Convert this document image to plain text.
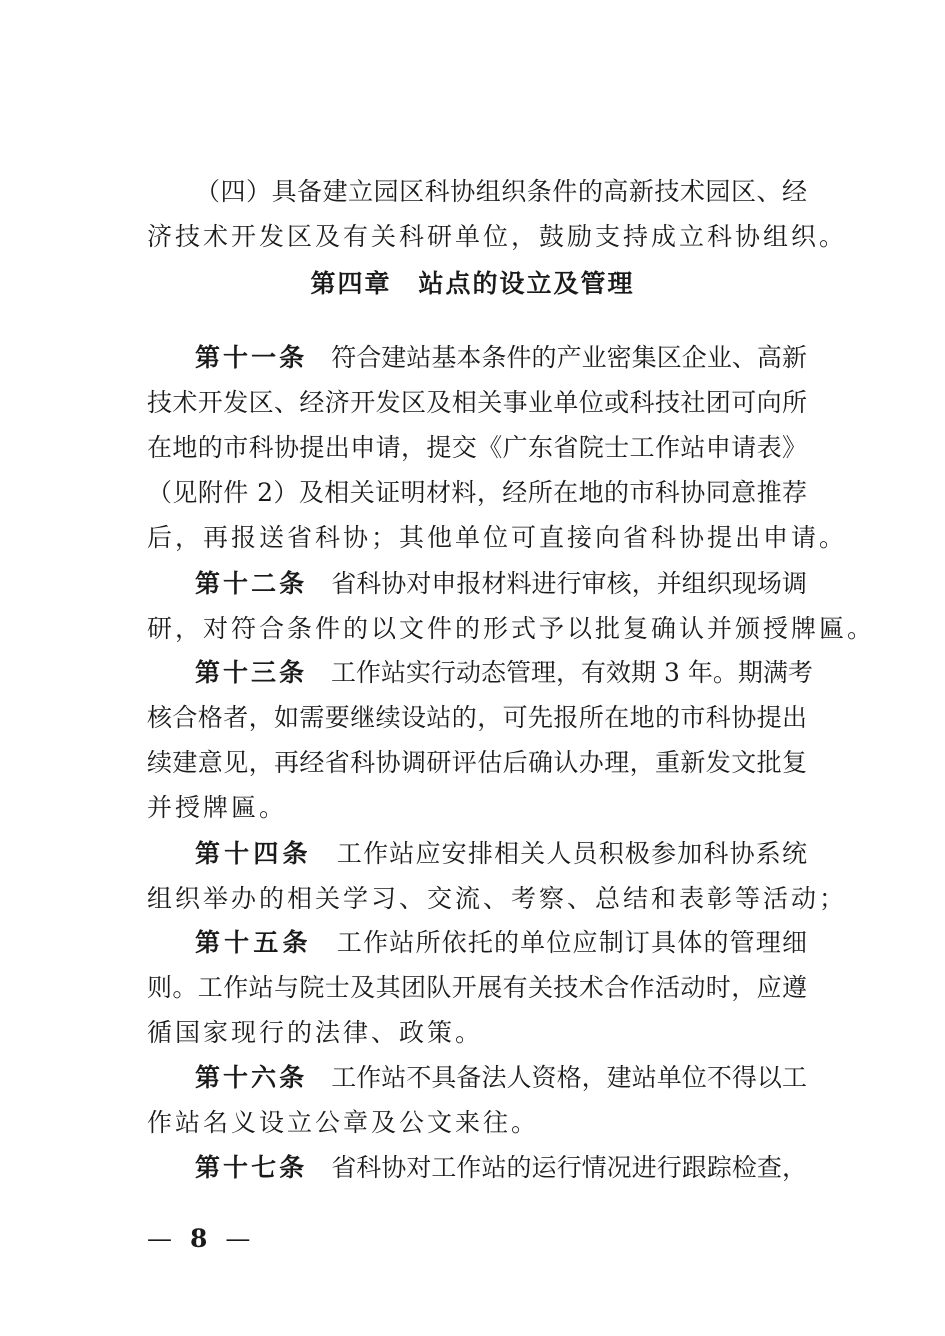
（四）具备建立园区科协组织条件的高新技术园区、经
济技术开发区及有关科研单位，鼓励支持成立科协组织。
第四章　站点的设立及管理
第十一条 符合建站基本条件的产业密集区企业、高新
技术开发区、经济开发区及相关事业单位或科技社团可向所
在地的市科协提出申请，提交《广东省院士工作站申请表》
（见附件 2）及相关证明材料，经所在地的市科协同意推荐
后，再报送省科协；其他单位可直接向省科协提出申请。
第十二条 省科协对申报材料进行审核，并组织现场调
研，对符合条件的以文件的形式予以批复确认并颁授牌匾。
第十三条 工作站实行动态管理，有效期 3 年。期满考
核合格者，如需要继续设站的，可先报所在地的市科协提出
续建意见，再经省科协调研评估后确认办理，重新发文批复
并授牌匾。
第十四条 工作站应安排相关人员积极参加科协系统
组织举办的相关学习、交流、考察、总结和表彰等活动；
第十五条 工作站所依托的单位应制订具体的管理细
则。工作站与院士及其团队开展有关技术合作活动时，应遵
循国家现行的法律、政策。
第十六条 工作站不具备法人资格，建站单位不得以工
作站名义设立公章及公文来往。
第十七条 省科协对工作站的运行情况进行跟踪检查，
— 8 —
